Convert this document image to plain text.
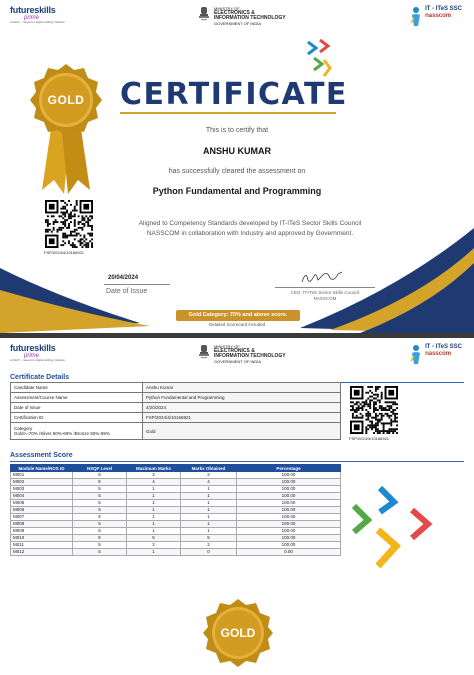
futureskills
prime
a MeitY - nasscom digital skilling initiative
MINISTRY OF
ELECTRONICS &
INFORMATION TECHNOLOGY
GOVERNMENT OF INDIA
IT - ITeS SSC
nasscom
GOLD CERTIFICATE
This is to certify that
ANSHU KUMAR
has successfully cleared the assessment on
Python Fundamental and Programming
Aligned to Competency Standards developed by IT-ITeS Sector Skills Council
NASSCOM in collaboration with Industry and approved by Government.
FSP/2024/4/10166921
20/04/2024
Date of Issue	CEO, IT-ITeS Sector Skills Council
NASSCOM
Gold Category: 70% and above score.
Detailed Scorecard included
futureskills
prime
a MeitY - nasscom digital skilling initiative
MINISTRY OF
ELECTRONICS &
INFORMATION TECHNOLOGY
GOVERNMENT OF INDIA
IT - ITeS SSC
nasscom
Certificate Details
Candidate Name	Anshu Kumar
Assessment/Course Name	Python Fundamental and Programming
Date of Issue	4/20/2024
Certification ID	FSP/2024/4/10166921

Category
Gold>=70% /Silver 60%-69% /Bronze 50%-59%	Gold
FSP/2024/4/10166921
Assessment Score
Module Name/NOS ID	NSQF Level	Maximum Marks	Marks Obtained	Percentage
M001	5	2	2	100.00
M002	5	4	4	100.00
M003	5	1	1	100.00
M004	5	1	1	100.00
M005	5	1	1	100.00
M006	5	1	1	100.00
M007	5	1	1	100.00
M008	5	1	1	100.00
M009	5	1	1	100.00
M010	5	5	5	100.00
M011	5	2	2	100.00
M012	5	1	0	0.00
GOLD
